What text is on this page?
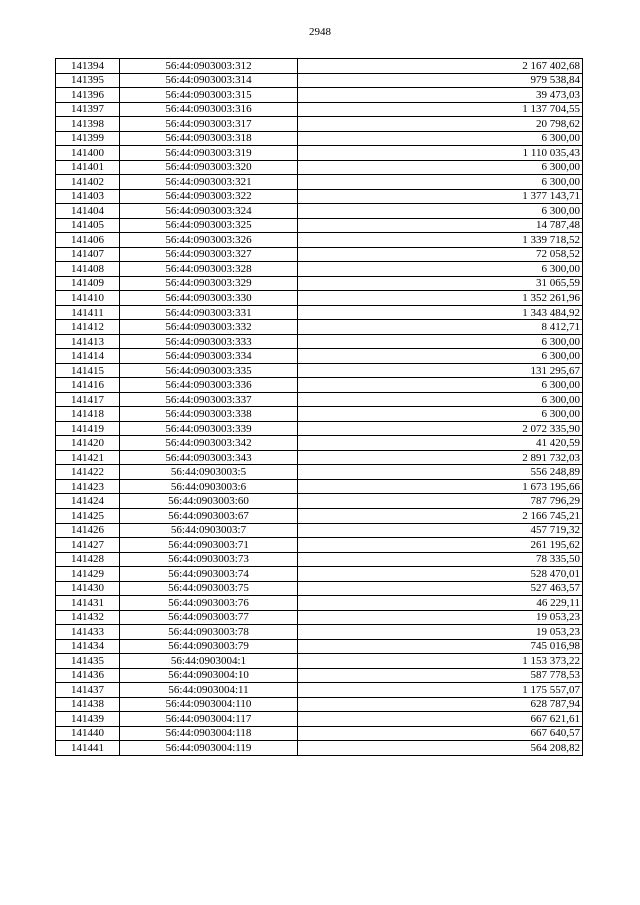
2948
141394	56:44:0903003:312	2 167 402,68
141395	56:44:0903003:314	979 538,84
141396	56:44:0903003:315	39 473,03
141397	56:44:0903003:316	1 137 704,55
141398	56:44:0903003:317	20 798,62
141399	56:44:0903003:318	6 300,00
141400	56:44:0903003:319	1 110 035,43
141401	56:44:0903003:320	6 300,00
141402	56:44:0903003:321	6 300,00
141403	56:44:0903003:322	1 377 143,71
141404	56:44:0903003:324	6 300,00
141405	56:44:0903003:325	14 787,48
141406	56:44:0903003:326	1 339 718,52
141407	56:44:0903003:327	72 058,52
141408	56:44:0903003:328	6 300,00
141409	56:44:0903003:329	31 065,59
141410	56:44:0903003:330	1 352 261,96
141411	56:44:0903003:331	1 343 484,92
141412	56:44:0903003:332	8 412,71
141413	56:44:0903003:333	6 300,00
141414	56:44:0903003:334	6 300,00
141415	56:44:0903003:335	131 295,67
141416	56:44:0903003:336	6 300,00
141417	56:44:0903003:337	6 300,00
141418	56:44:0903003:338	6 300,00
141419	56:44:0903003:339	2 072 335,90
141420	56:44:0903003:342	41 420,59
141421	56:44:0903003:343	2 891 732,03
141422	56:44:0903003:5	556 248,89
141423	56:44:0903003:6	1 673 195,66
141424	56:44:0903003:60	787 796,29
141425	56:44:0903003:67	2 166 745,21
141426	56:44:0903003:7	457 719,32
141427	56:44:0903003:71	261 195,62
141428	56:44:0903003:73	78 335,50
141429	56:44:0903003:74	528 470,01
141430	56:44:0903003:75	527 463,57
141431	56:44:0903003:76	46 229,11
141432	56:44:0903003:77	19 053,23
141433	56:44:0903003:78	19 053,23
141434	56:44:0903003:79	745 016,98
141435	56:44:0903004:1	1 153 373,22
141436	56:44:0903004:10	587 778,53
141437	56:44:0903004:11	1 175 557,07
141438	56:44:0903004:110	628 787,94
141439	56:44:0903004:117	667 621,61
141440	56:44:0903004:118	667 640,57
141441	56:44:0903004:119	564 208,82
